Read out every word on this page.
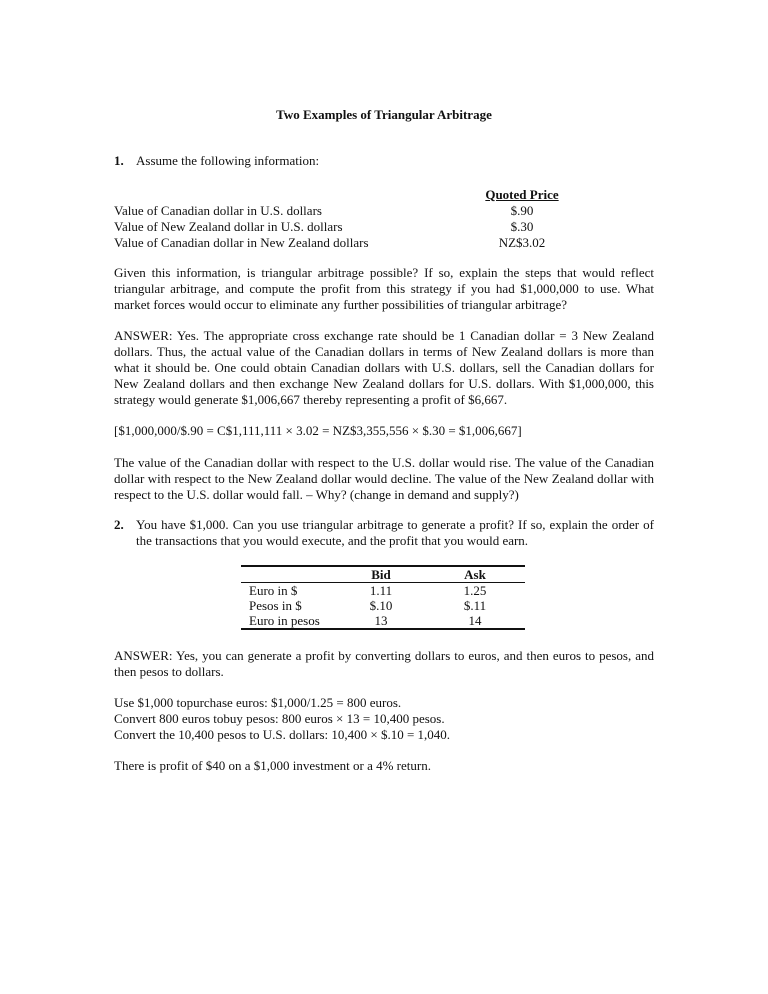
Two Examples of Triangular Arbitrage
1. Assume the following information:
Quoted Price
Value of Canadian dollar in U.S. dollars	$.90
Value of New Zealand dollar in U.S. dollars	$.30
Value of Canadian dollar in New Zealand dollars	NZ$3.02
Given this information, is triangular arbitrage possible? If so, explain the steps that would reflect triangular arbitrage, and compute the profit from this strategy if you had $1,000,000 to use. What market forces would occur to eliminate any further possibilities of triangular arbitrage?
ANSWER: Yes. The appropriate cross exchange rate should be 1 Canadian dollar = 3 New Zealand dollars. Thus, the actual value of the Canadian dollars in terms of New Zealand dollars is more than what it should be. One could obtain Canadian dollars with U.S. dollars, sell the Canadian dollars for New Zealand dollars and then exchange New Zealand dollars for U.S. dollars. With $1,000,000, this strategy would generate $1,006,667 thereby representing a profit of $6,667.
[$1,000,000/$.90 = C$1,111,111 × 3.02 = NZ$3,355,556 × $.30 = $1,006,667]
The value of the Canadian dollar with respect to the U.S. dollar would rise. The value of the Canadian dollar with respect to the New Zealand dollar would decline. The value of the New Zealand dollar with respect to the U.S. dollar would fall. – Why? (change in demand and supply?)
2. You have $1,000. Can you use triangular arbitrage to generate a profit? If so, explain the order of the transactions that you would execute, and the profit that you would earn.
	Bid	Ask
Euro in $	1.11	1.25
Pesos in $	$.10	$.11
Euro in pesos	13	14
ANSWER: Yes, you can generate a profit by converting dollars to euros, and then euros to pesos, and then pesos to dollars.
Use $1,000 topurchase euros: $1,000/1.25 = 800 euros.
Convert 800 euros tobuy pesos: 800 euros × 13 = 10,400 pesos.
Convert the 10,400 pesos to U.S. dollars: 10,400 × $.10 = 1,040.
There is profit of $40 on a $1,000 investment or a 4% return.
